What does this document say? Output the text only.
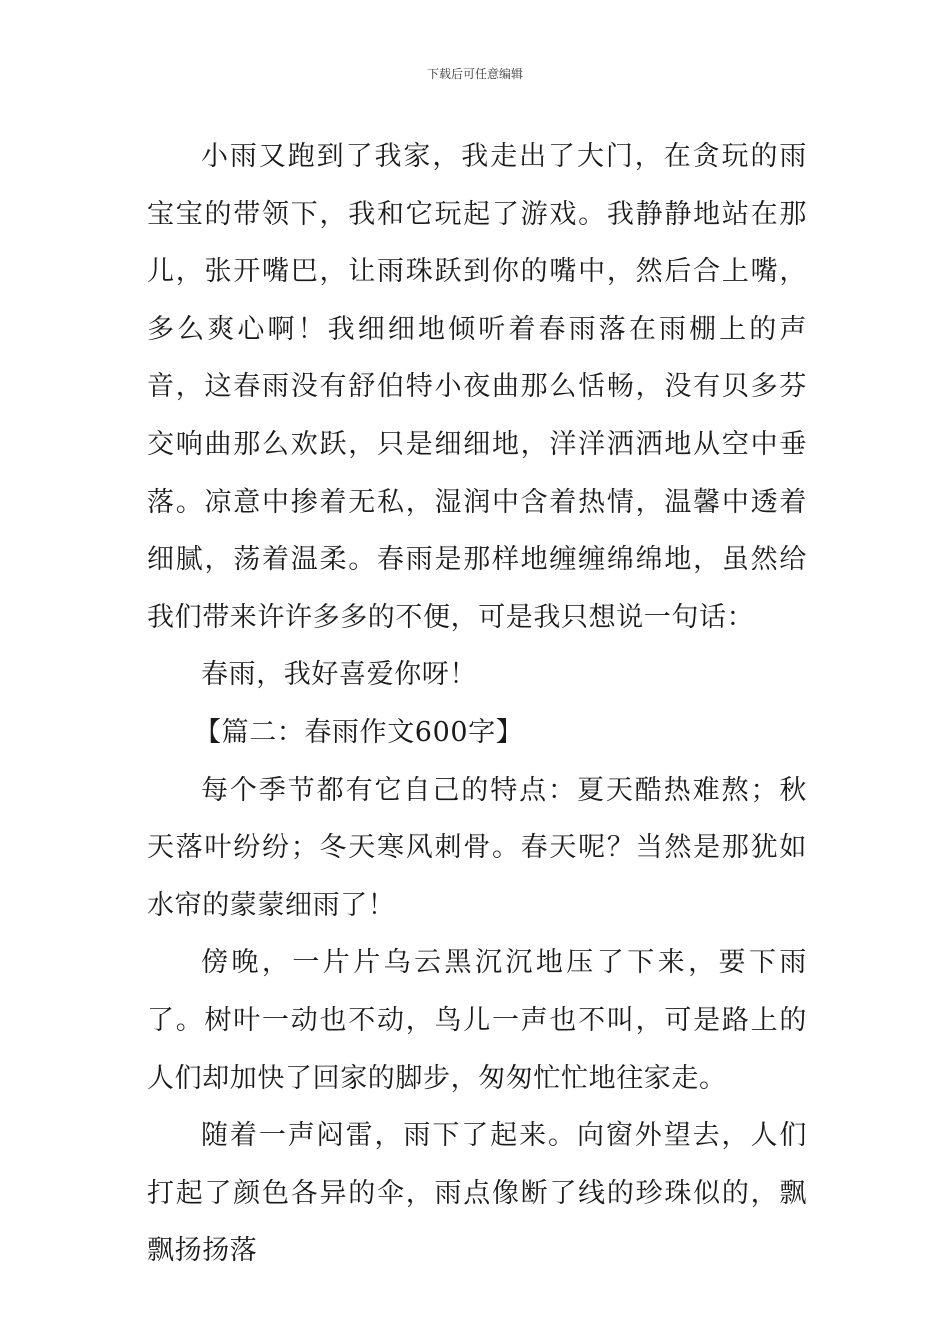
下载后可任意编辑

小雨又跑到了我家，我走出了大门，在贪玩的雨宝宝的带领下，我和它玩起了游戏。我静静地站在那儿，张开嘴巴，让雨珠跃到你的嘴中，然后合上嘴，多么爽心啊！我细细地倾听着春雨落在雨棚上的声音，这春雨没有舒伯特小夜曲那么恬畅，没有贝多芬交响曲那么欢跃，只是细细地，洋洋洒洒地从空中垂落。凉意中掺着无私，湿润中含着热情，温馨中透着细腻，荡着温柔。春雨是那样地缠缠绵绵地，虽然给我们带来许许多多的不便，可是我只想说一句话：

春雨，我好喜爱你呀！

【篇二：春雨作文600字】

每个季节都有它自己的特点：夏天酷热难熬；秋天落叶纷纷；冬天寒风刺骨。春天呢？当然是那犹如水帘的蒙蒙细雨了！

傍晚，一片片乌云黑沉沉地压了下来，要下雨了。树叶一动也不动，鸟儿一声也不叫，可是路上的人们却加快了回家的脚步，匆匆忙忙地往家走。

随着一声闷雷，雨下了起来。向窗外望去，人们打起了颜色各异的伞，雨点像断了线的珍珠似的，飘飘扬扬落
